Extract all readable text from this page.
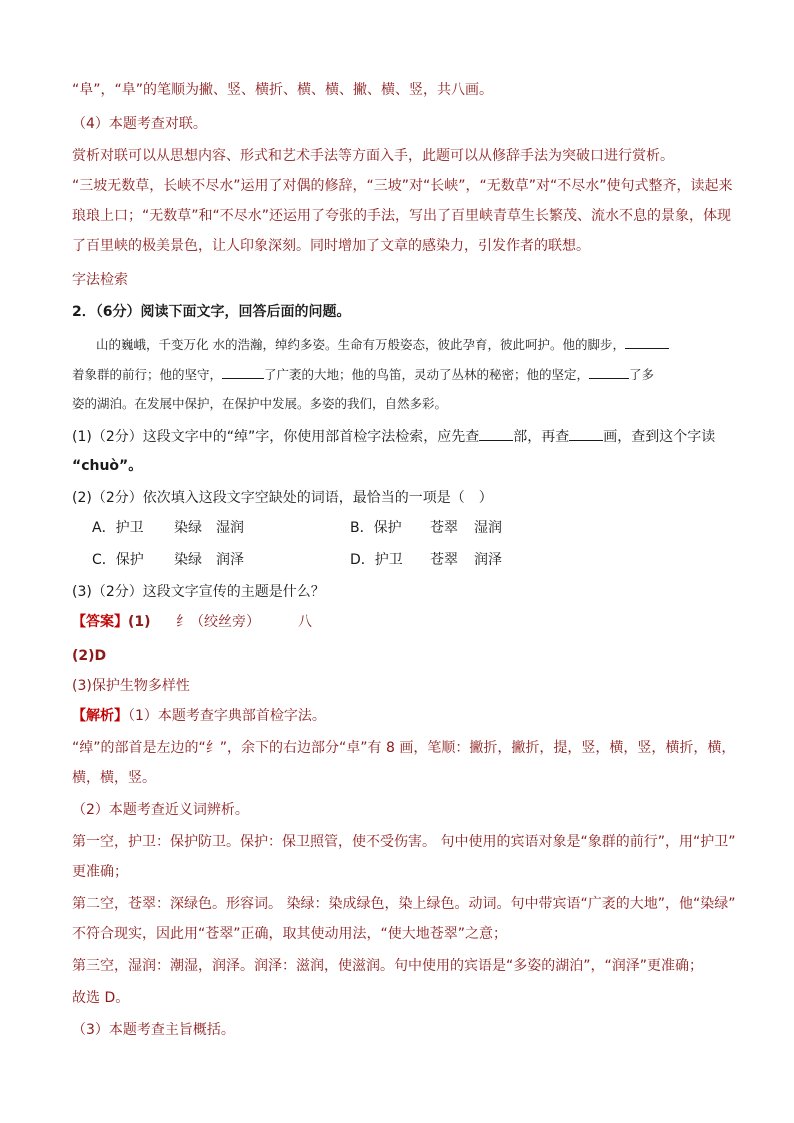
“阜”，“阜”的笔顺为撇、竖、横折、横、横、撇、横、竖，共八画。
（4）本题考查对联。
赏析对联可以从思想内容、形式和艺术手法等方面入手，此题可以从修辞手法为突破口进行赏析。
“三坡无数草，长峡不尽水”运用了对偶的修辞，“三坡”对“长峡”，“无数草”对“不尽水”使句式整齐，读起来
琅琅上口；“无数草”和“不尽水”还运用了夸张的手法，写出了百里峡青草生长繁茂、流水不息的景象，体现
了百里峡的极美景色，让人印象深刻。同时增加了文章的感染力，引发作者的联想。
字法检索
2．（6分）阅读下面文字，回答后面的问题。
山的巍峨，千变万化 水的浩瀚，绰约多姿。生命有万般姿态，彼此孕育，彼此呵护。他的脚步，
着象群的前行；他的坚守，	了广袤的大地；他的鸟笛，灵动了丛林的秘密；他的坚定，	了多
姿的湖泊。在发展中保护，在保护中发展。多姿的我们，自然多彩。
(1)（2分）这段文字中的“绰”字，你使用部首检字法检索，应先查 部，再查 画，查到这个字读
“chuò”。
(2)（2分）依次填入这段文字空缺处的词语，最恰当的一项是（　）
A．护卫 染绿 湿润	B．保护 苍翠 湿润
C．保护 染绿 润泽	D．护卫 苍翠 润泽
(3)（2分）这段文字宣传的主题是什么？
【答案】(1) 纟（绞丝旁）	八
(2)D
(3)保护生物多样性
【解析】（1）本题考查字典部首检字法。
“绰”的部首是左边的“纟”，余下的右边部分“卓”有 8 画，笔顺：撇折，撇折，提，竖，横，竖，横折，横，
横，横，竖。
（2）本题考查近义词辨析。
第一空，护卫：保护防卫。保护：保卫照管，使不受伤害。 句中使用的宾语对象是“象群的前行”，用“护卫”
更准确；
第二空，苍翠：深绿色。形容词。 染绿：染成绿色，染上绿色。动词。句中带宾语“广袤的大地”，他“染绿”
不符合现实，因此用“苍翠”正确，取其使动用法，“使大地苍翠”之意；
第三空，湿润：潮湿，润泽。润泽：滋润，使滋润。句中使用的宾语是“多姿的湖泊”，“润泽”更准确；
故选 D。
（3）本题考查主旨概括。
